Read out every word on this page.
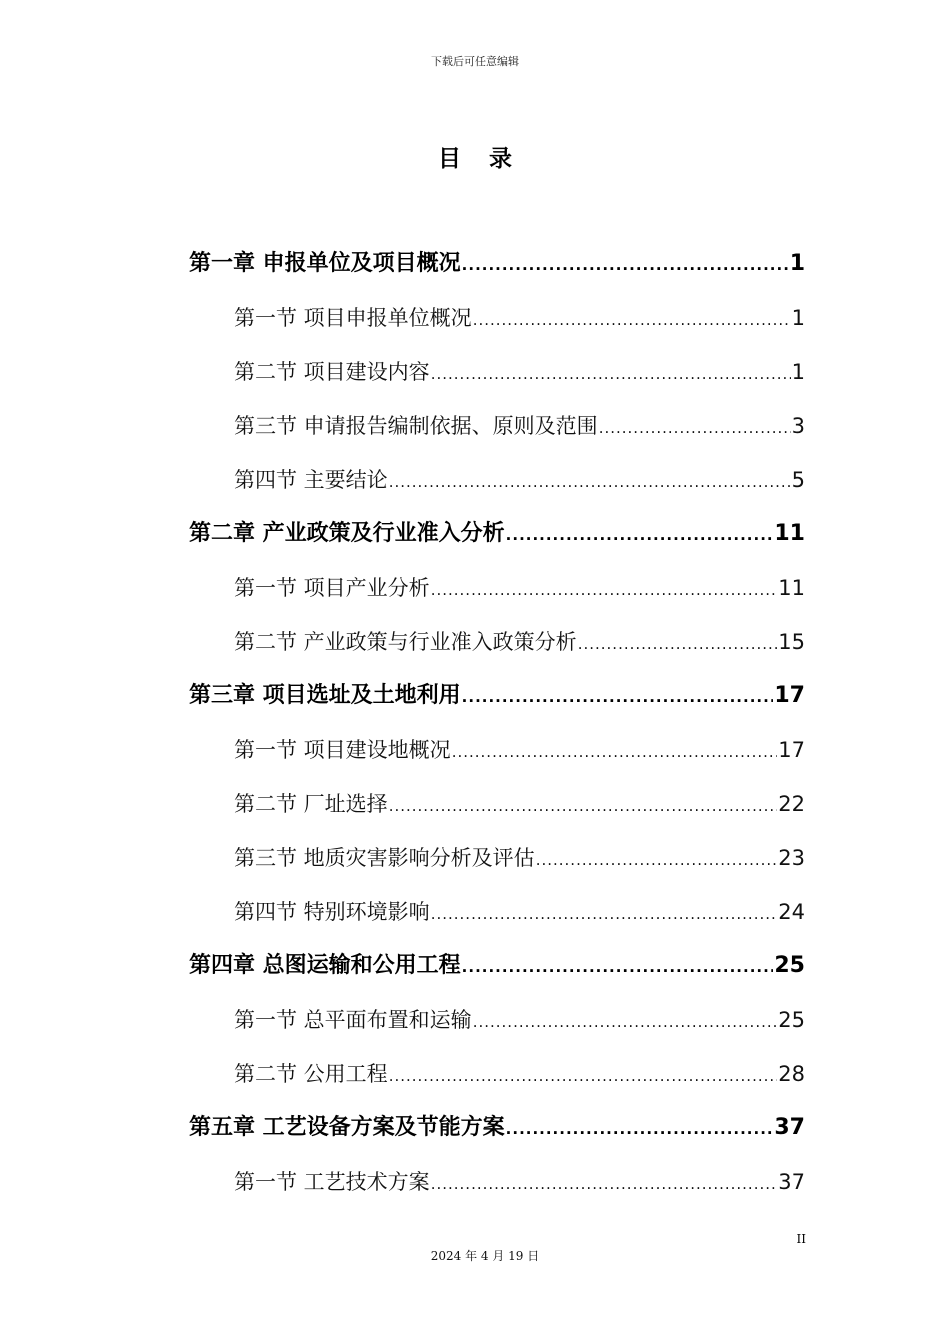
下载后可任意编辑
目 录
第一章 申报单位及项目概况 .....	1
第一节 项目申报单位概况 .....	1
第二节 项目建设内容 .....	1
第三节 申请报告编制依据、原则及范围 .....	3
第四节 主要结论 .....	5
第二章 产业政策及行业准入分析 .....	11
第一节 项目产业分析 .....	11
第二节 产业政策与行业准入政策分析 .....	15
第三章 项目选址及土地利用 .....	17
第一节 项目建设地概况 .....	17
第二节 厂址选择 .....	22
第三节 地质灾害影响分析及评估 .....	23
第四节 特别环境影响 .....	24
第四章 总图运输和公用工程 .....	25
第一节 总平面布置和运输 .....	25
第二节 公用工程 .....	28
第五章 工艺设备方案及节能方案 .....	37
第一节 工艺技术方案 .....	37
II
2024 年 4 月 19 日
